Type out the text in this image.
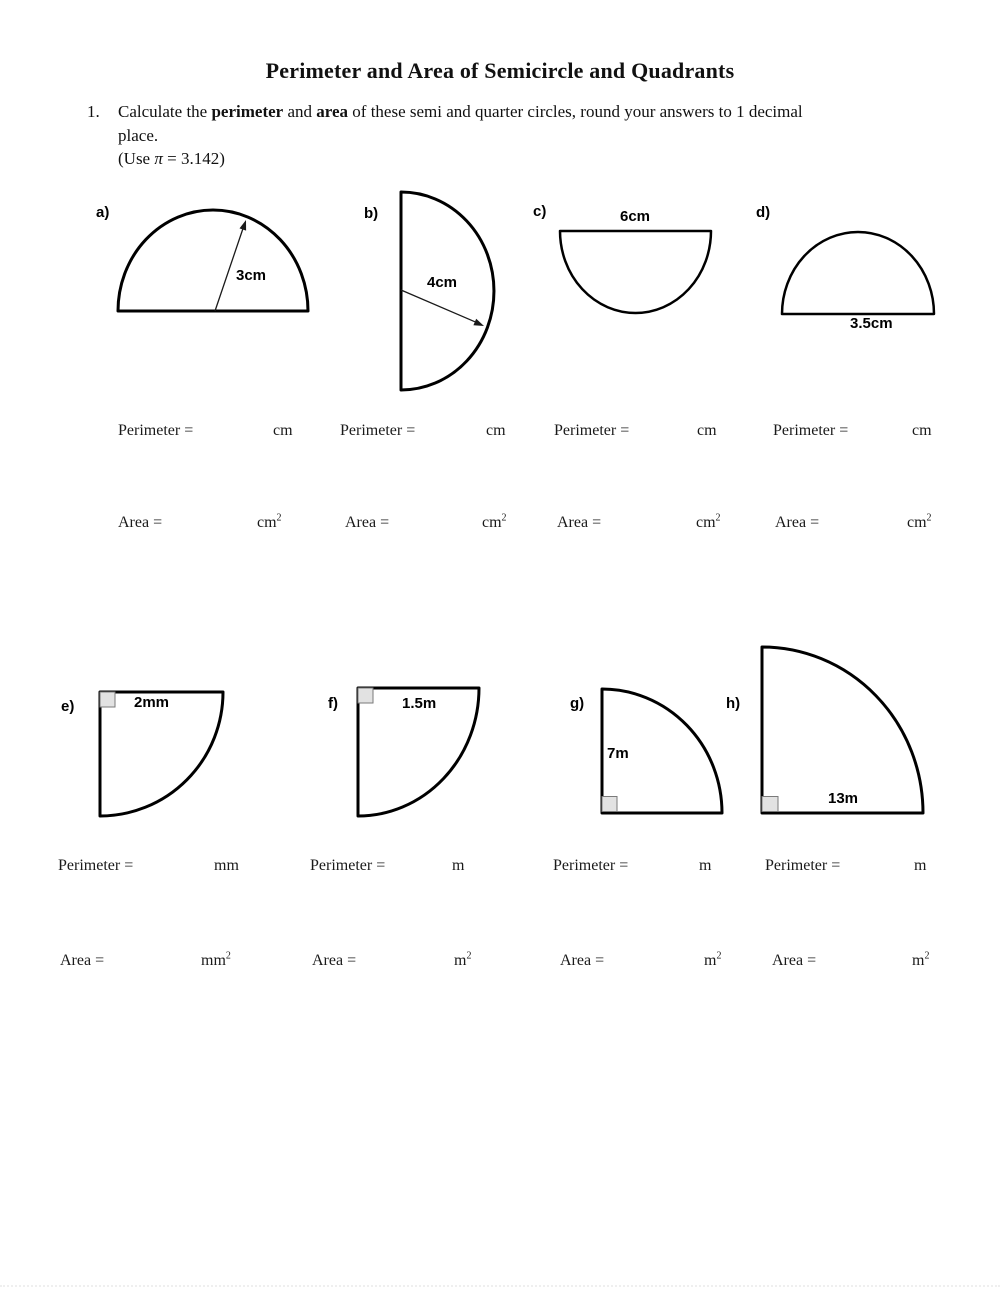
Perimeter and Area of Semicircle and Quadrants
1. Calculate the perimeter and area of these semi and quarter circles, round your answers to 1 decimal
place.
(Use π = 3.142)
a)	b)	c)	d)
3cm	4cm
6cm
3.5cm
Perimeter =	cm	Perimeter =	cm	Perimeter =	cm	Perimeter =	cm
Area =	$cm^2$	Area =	$cm^2$	Area =	$cm^2$	Area =	$cm^2$
e)	f)	g)	h)
2mm	1.5m
7m
13m
Perimeter =	mm	Perimeter =	m	Perimeter =	m	Perimeter =	m
Area =	$mm^2$	Area =	$m^2$	Area =	$m^2$	Area =	$m^2$
